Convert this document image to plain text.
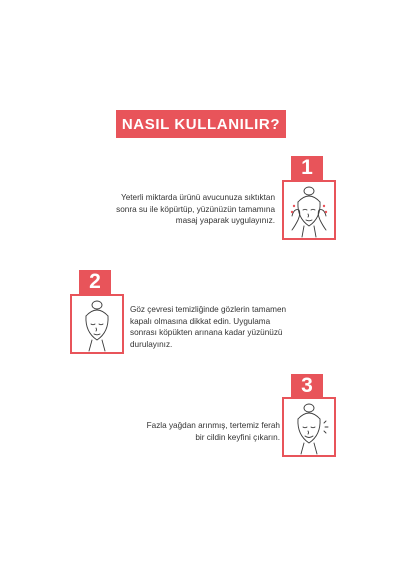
NASIL KULLANILIR?
Yeterli miktarda ürünü avucunuza sıktıktan
sonra su ile köpürtüp, yüzünüzün tamamına
masaj yaparak uygulayınız.
1
2
Göz çevresi temizliğinde gözlerin tamamen
kapalı olmasına dikkat edin. Uygulama
sonrası köpükten arınana kadar yüzünüzü
durulayınız.
Fazla yağdan arınmış, tertemiz ferah
bir cildin keyfini çıkarın.
3
